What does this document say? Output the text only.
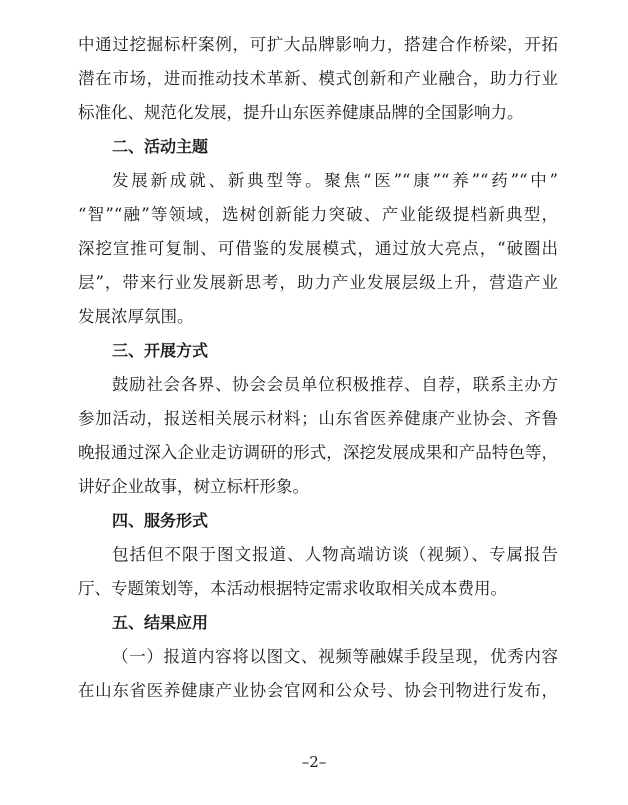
中通过挖掘标杆案例，可扩大品牌影响力，搭建合作桥梁，开拓
潜在市场，进而推动技术革新、模式创新和产业融合，助力行业
标准化、规范化发展，提升山东医养健康品牌的全国影响力。
二、活动主题
发展新成就、新典型等。聚焦“医”“康”“养”“药”“中”
“智”“融”等领域，选树创新能力突破、产业能级提档新典型，
深挖宣推可复制、可借鉴的发展模式，通过放大亮点，“破圈出
层”，带来行业发展新思考，助力产业发展层级上升，营造产业
发展浓厚氛围。
三、开展方式
鼓励社会各界、协会会员单位积极推荐、自荐，联系主办方
参加活动，报送相关展示材料；山东省医养健康产业协会、齐鲁
晚报通过深入企业走访调研的形式，深挖发展成果和产品特色等，
讲好企业故事，树立标杆形象。
四、服务形式
包括但不限于图文报道、人物高端访谈（视频）、专属报告
厅、专题策划等，本活动根据特定需求收取相关成本费用。
五、结果应用
（一）报道内容将以图文、视频等融媒手段呈现，优秀内容
在山东省医养健康产业协会官网和公众号、协会刊物进行发布，
–2–
